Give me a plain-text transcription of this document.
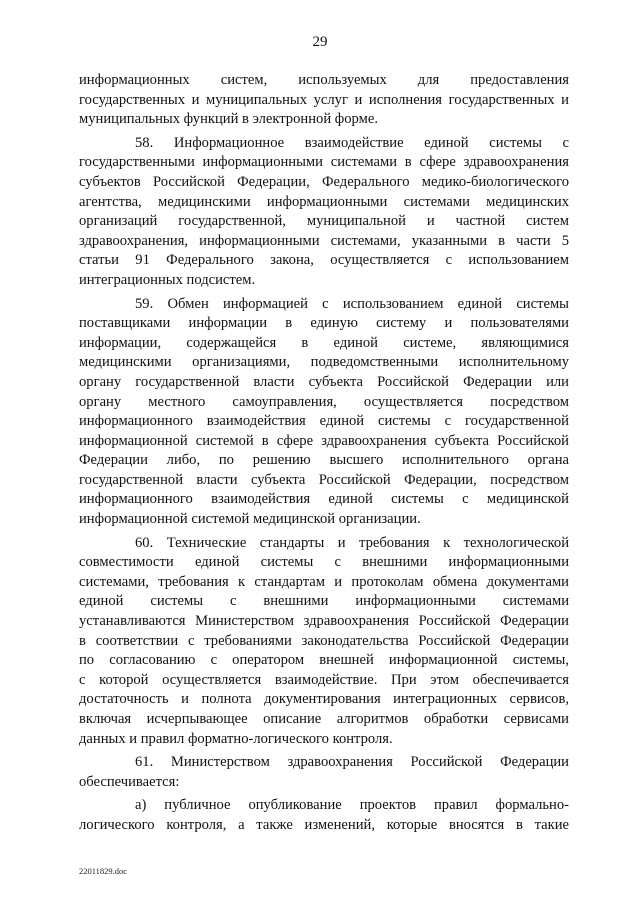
29
информационных систем, используемых для предоставления
государственных и муниципальных услуг и исполнения государственных и
муниципальных функций в электронной форме.
58. Информационное взаимодействие единой системы с
государственными информационными системами в сфере здравоохранения
субъектов Российской Федерации, Федерального медико-биологического
агентства, медицинскими информационными системами медицинских
организаций государственной, муниципальной и частной систем
здравоохранения, информационными системами, указанными в части 5
статьи 91 Федерального закона, осуществляется с использованием
интеграционных подсистем.
59. Обмен информацией с использованием единой системы
поставщиками информации в единую систему и пользователями
информации, содержащейся в единой системе, являющимися
медицинскими организациями, подведомственными исполнительному
органу государственной власти субъекта Российской Федерации или
органу местного самоуправления, осуществляется посредством
информационного взаимодействия единой системы с государственной
информационной системой в сфере здравоохранения субъекта Российской
Федерации либо, по решению высшего исполнительного органа
государственной власти субъекта Российской Федерации, посредством
информационного взаимодействия единой системы с медицинской
информационной системой медицинской организации.
60. Технические стандарты и требования к технологической
совместимости единой системы с внешними информационными
системами, требования к стандартам и протоколам обмена документами
единой системы с внешними информационными системами
устанавливаются Министерством здравоохранения Российской Федерации
в соответствии с требованиями законодательства Российской Федерации
по согласованию с оператором внешней информационной системы,
с которой осуществляется взаимодействие. При этом обеспечивается
достаточность и полнота документирования интеграционных сервисов,
включая исчерпывающее описание алгоритмов обработки сервисами
данных и правил форматно-логического контроля.
61. Министерством здравоохранения Российской Федерации
обеспечивается:
а) публичное опубликование проектов правил формально-
логического контроля, а также изменений, которые вносятся в такие
22011829.doc
